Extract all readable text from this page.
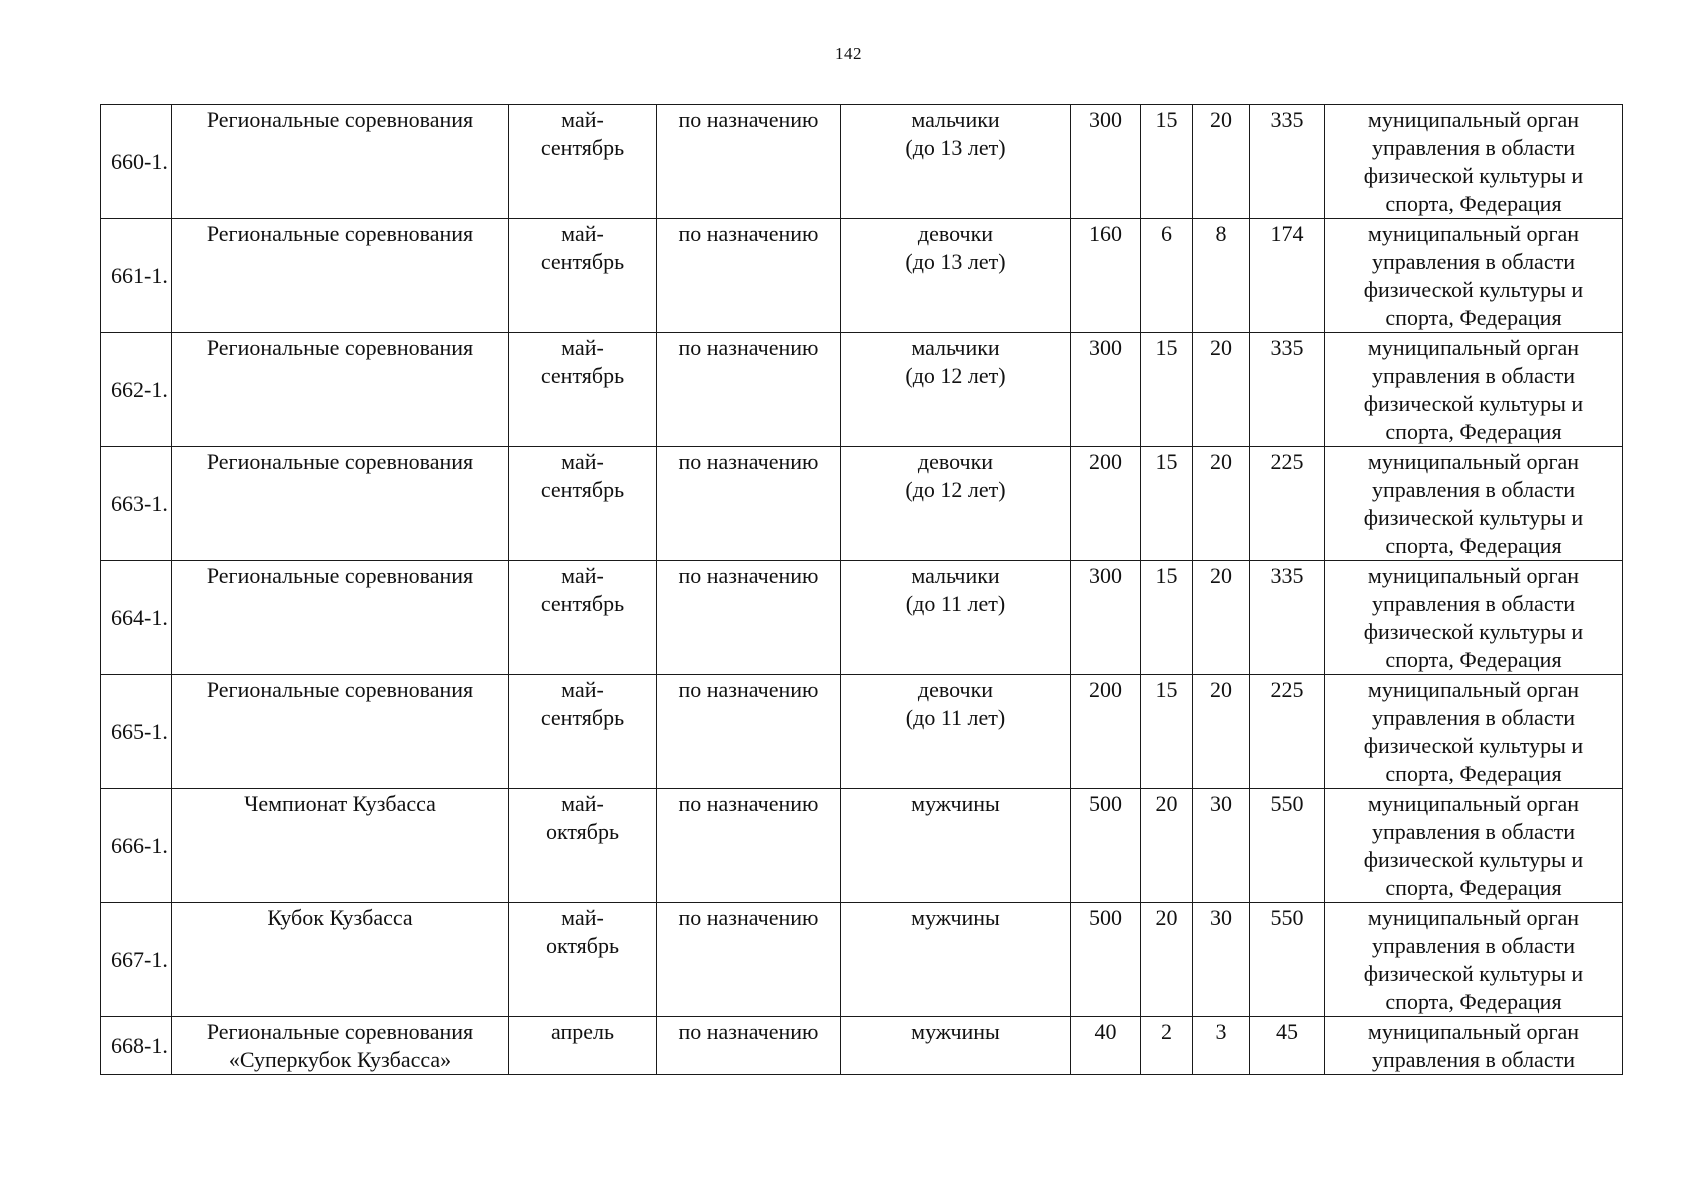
142
660-1.	Региональные соревнования	май-
сентябрь	по назначению	мальчики
(до 13 лет)	300	15	20	335	муниципальный орган
управления в области
физической культуры и
спорта, Федерация

661-1.	Региональные соревнования	май-
сентябрь	по назначению	девочки
(до 13 лет)	160	6	8	174	муниципальный орган
управления в области
физической культуры и
спорта, Федерация

662-1.	Региональные соревнования	май-
сентябрь	по назначению	мальчики
(до 12 лет)	300	15	20	335	муниципальный орган
управления в области
физической культуры и
спорта, Федерация

663-1.	Региональные соревнования	май-
сентябрь	по назначению	девочки
(до 12 лет)	200	15	20	225	муниципальный орган
управления в области
физической культуры и
спорта, Федерация

664-1.	Региональные соревнования	май-
сентябрь	по назначению	мальчики
(до 11 лет)	300	15	20	335	муниципальный орган
управления в области
физической культуры и
спорта, Федерация

665-1.	Региональные соревнования	май-
сентябрь	по назначению	девочки
(до 11 лет)	200	15	20	225	муниципальный орган
управления в области
физической культуры и
спорта, Федерация

666-1.	Чемпионат Кузбасса	май-
октябрь	по назначению	мужчины	500	20	30	550	муниципальный орган
управления в области
физической культуры и
спорта, Федерация

667-1.	Кубок Кузбасса	май-
октябрь	по назначению	мужчины	500	20	30	550	муниципальный орган
управления в области
физической культуры и
спорта, Федерация

668-1.	Региональные соревнования
«Суперкубок Кузбасса»	апрель	по назначению	мужчины	40	2	3	45	муниципальный орган
управления в области
